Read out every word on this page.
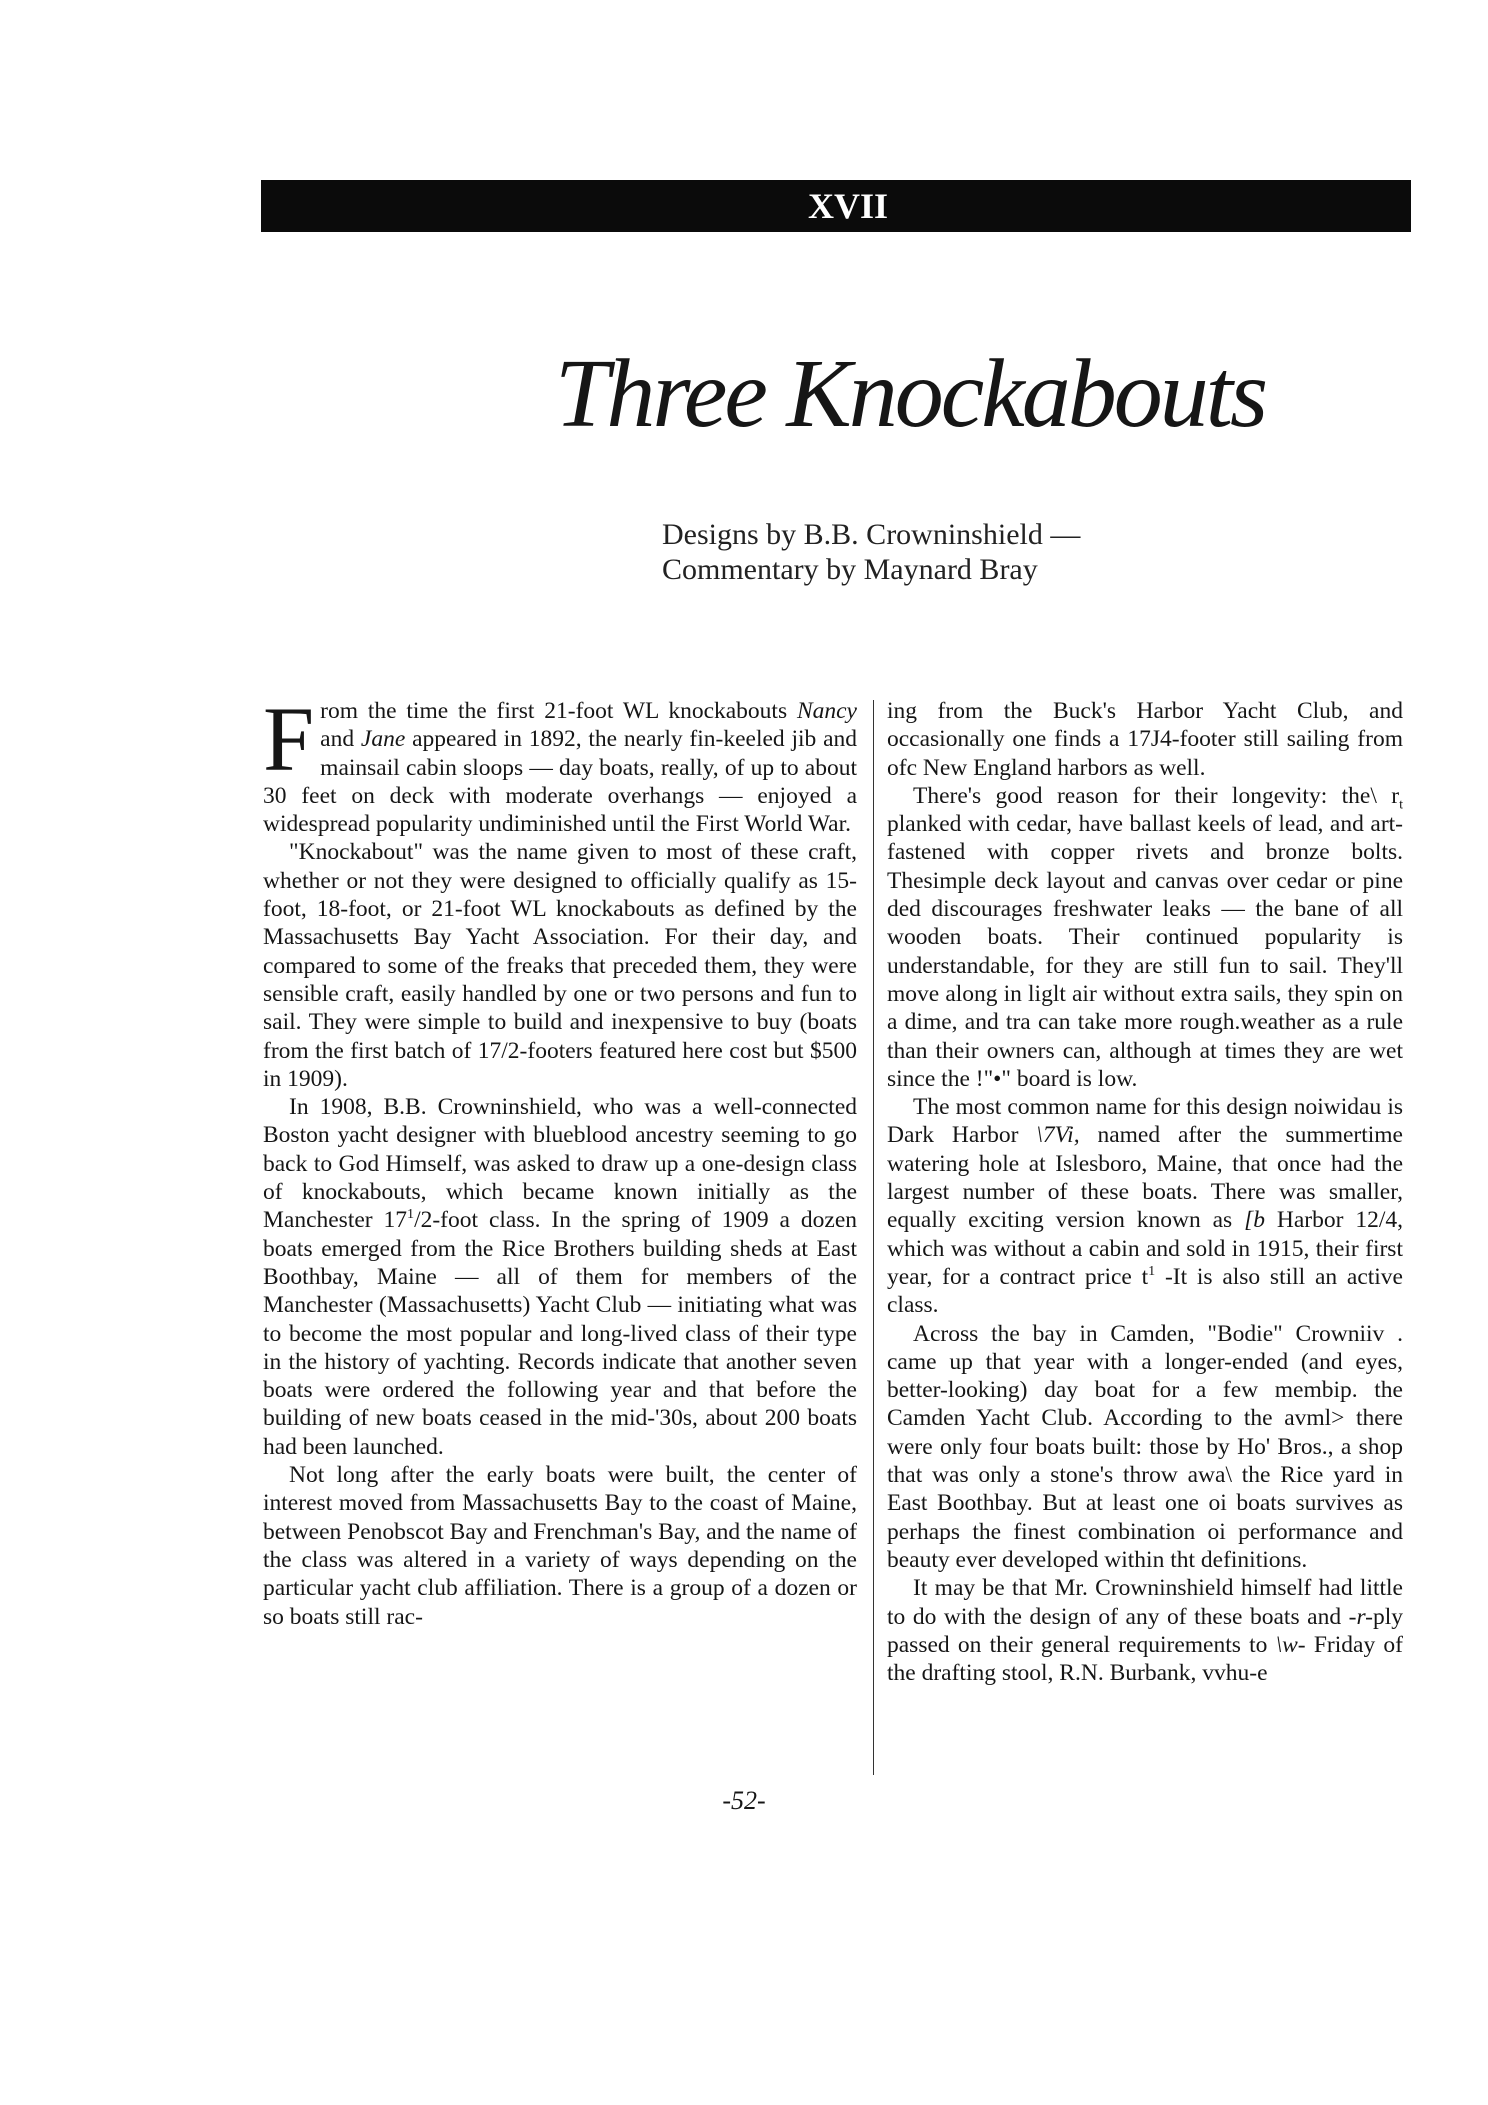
XVII
Three Knockabouts
Designs by B.B. Crowninshield —
Commentary by Maynard Bray

From the time the first 21-foot WL knockabouts Nancy and Jane appeared in 1892, the nearly fin-keeled jib and mainsail cabin sloops — day boats, really, of up to about 30 feet on deck with moderate overhangs — enjoyed a widespread popularity undiminished until the First World War.

"Knockabout" was the name given to most of these craft, whether or not they were designed to officially qualify as 15-foot, 18-foot, or 21-foot WL knockabouts as defined by the Massachusetts Bay Yacht Association. For their day, and compared to some of the freaks that preceded them, they were sensible craft, easily handled by one or two persons and fun to sail. They were simple to build and inexpensive to buy (boats from the first batch of 17/2-footers featured here cost but $500 in 1909).

In 1908, B.B. Crowninshield, who was a well-connected Boston yacht designer with blueblood ancestry seeming to go back to God Himself, was asked to draw up a one-design class of knockabouts, which became known initially as the Manchester $17^1/2$-foot class. In the spring of 1909 a dozen boats emerged from the Rice Brothers building sheds at East Boothbay, Maine — all of them for members of the Manchester (Massachusetts) Yacht Club — initiating what was to become the most popular and long-lived class of their type in the history of yachting. Records indicate that another seven boats were ordered the following year and that before the building of new boats ceased in the mid-'30s, about 200 boats had been launched.

Not long after the early boats were built, the center of interest moved from Massachusetts Bay to the coast of Maine, between Penobscot Bay and Frenchman's Bay, and the name of the class was altered in a variety of ways depending on the particular yacht club affiliation. There is a group of a dozen or so boats still rac-

ing from the Buck's Harbor Yacht Club, and occasionally one finds a 17J4-footer still sailing from ofc New England harbors as well.

There's good reason for their longevity: the\ $r_t$ planked with cedar, have ballast keels of lead, and art-fastened with copper rivets and bronze bolts. Thesimple deck layout and canvas over cedar or pine ded discourages freshwater leaks — the bane of all wooden boats. Their continued popularity is understandable, for they are still fun to sail. They'll move along in liglt air without extra sails, they spin on a dime, and tra can take more rough.weather as a rule than their owners can, although at times they are wet since the !"•" board is low.

The most common name for this design noiwidau is Dark Harbor \7Vi, named after the summertime watering hole at Islesboro, Maine, that once had the largest number of these boats. There was smaller, equally exciting version known as [b Harbor 12/4, which was without a cabin and sold in 1915, their first year, for a contract price $t^1$ -It is also still an active class.

Across the bay in Camden, "Bodie" Crowniiv . came up that year with a longer-ended (and eyes, better-looking) day boat for a few membip. the Camden Yacht Club. According to the avml> there were only four boats built: those by Ho' Bros., a shop that was only a stone's throw awa\ the Rice yard in East Boothbay. But at least one oi boats survives as perhaps the finest combination oi performance and beauty ever developed within tht definitions.

It may be that Mr. Crowninshield himself had little to do with the design of any of these boats and -r-ply passed on their general requirements to \w- Friday of the drafting stool, R.N. Burbank, vvhu-e

-52-
